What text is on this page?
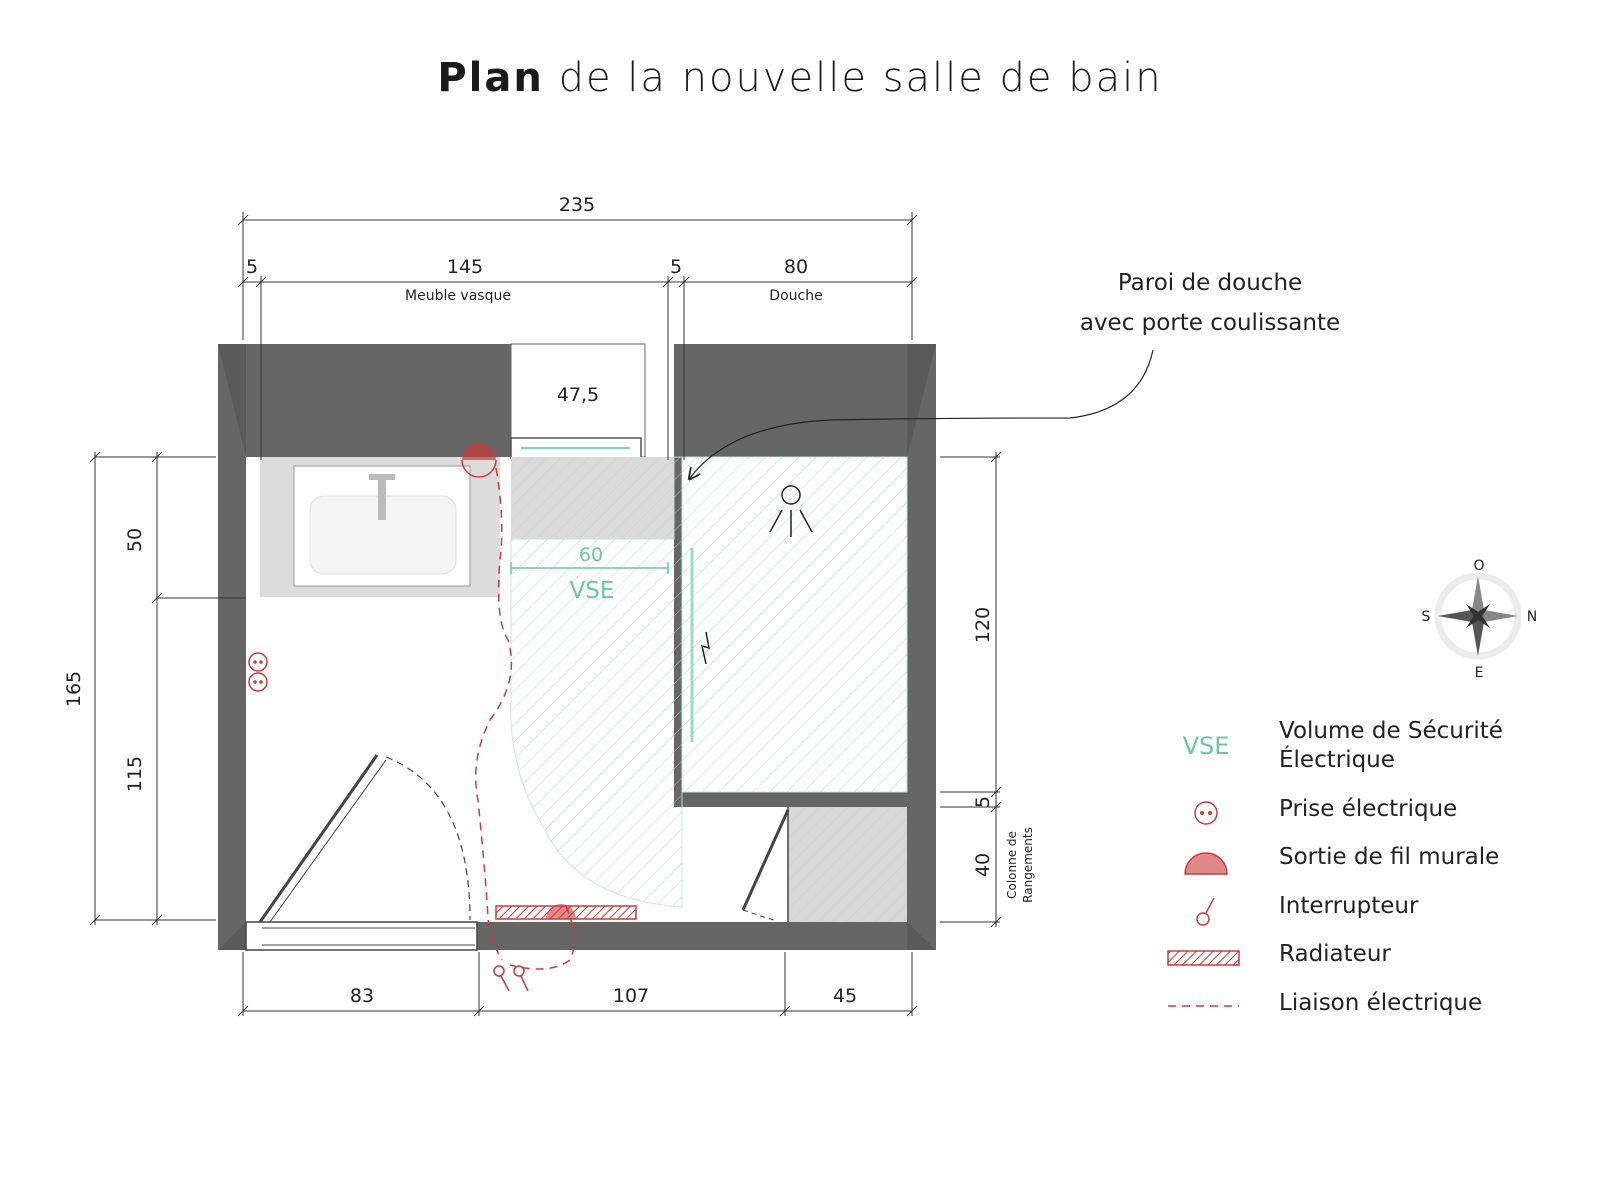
Plan de la nouvelle salle de bain
235
5	145	5	80
Meuble vasque	Douche
47,5
165
50
115
120
5
40 Colonne de Rangements
83	107	45
60
VSE
Paroi de douche
avec porte coulissante
O
E
S	N
VSE
Volume de Sécurité
Électrique
Prise électrique
Sortie de fil murale
Interrupteur
Radiateur
Liaison électrique
